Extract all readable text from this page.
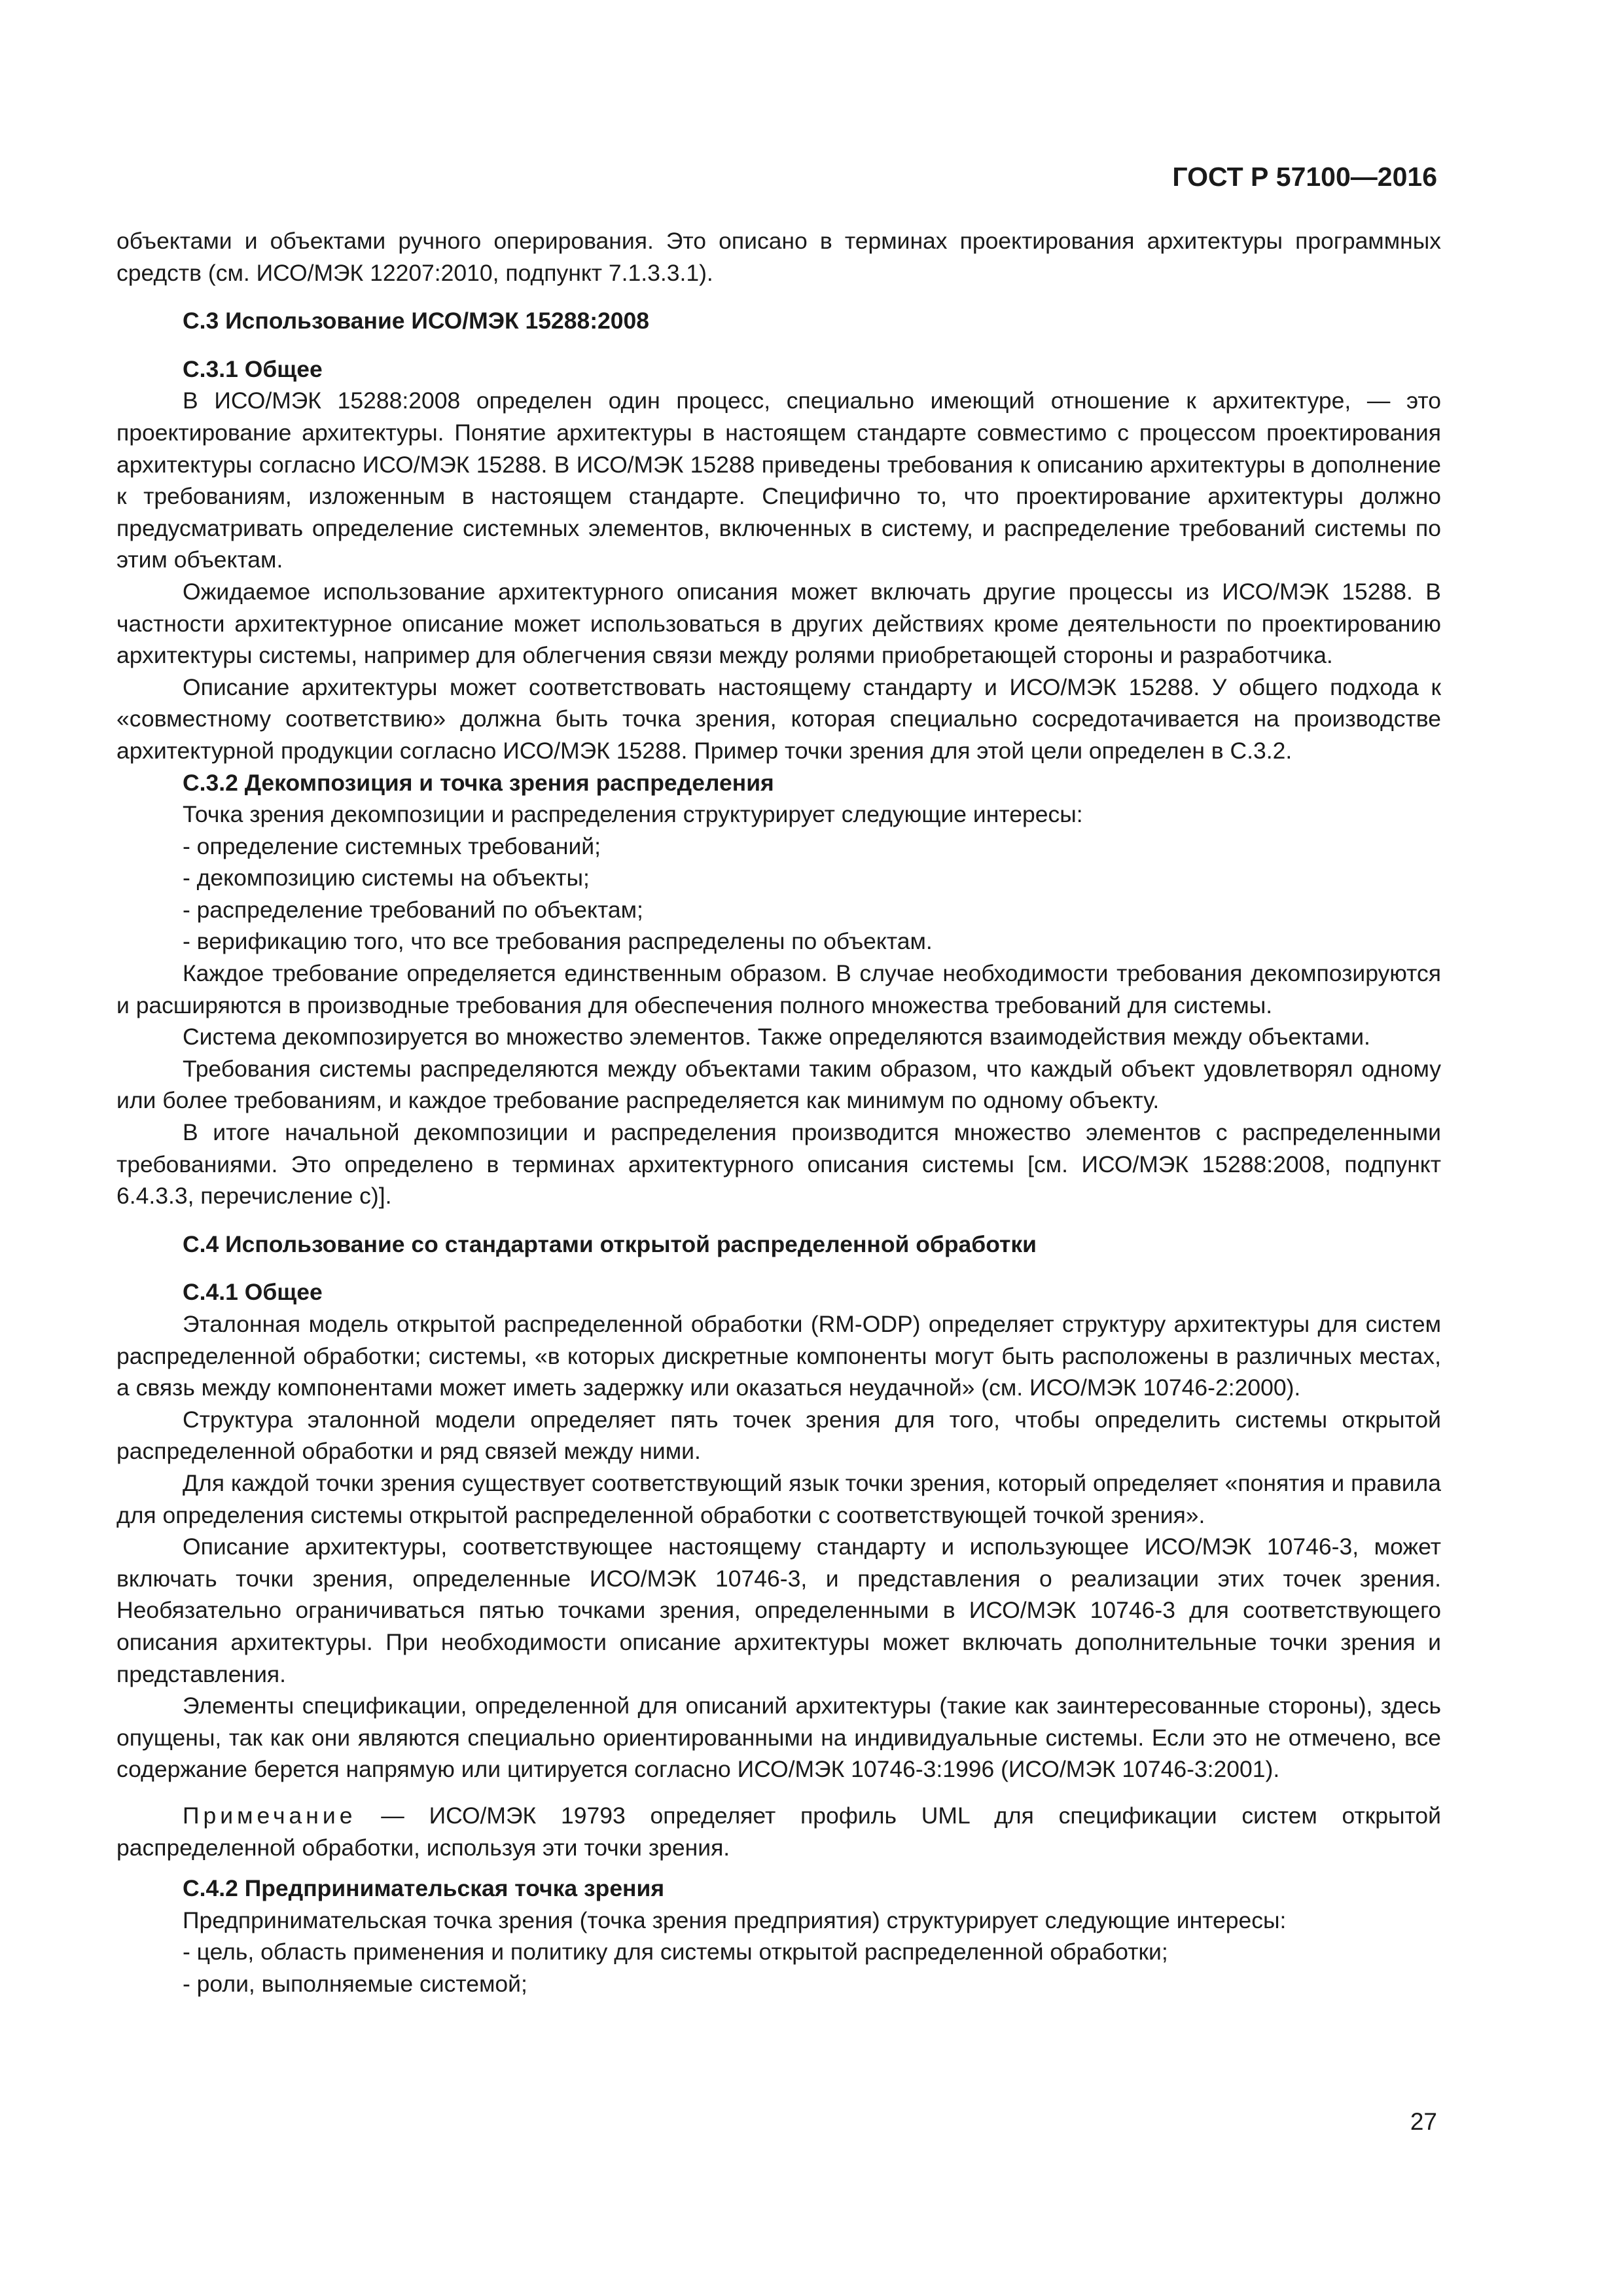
ГОСТ Р 57100—2016

объектами и объектами ручного оперирования. Это описано в терминах проектирования архитектуры программных средств (см. ИСО/МЭК 12207:2010, подпункт 7.1.3.3.1).

С.3 Использование ИСО/МЭК 15288:2008

С.3.1 Общее

В ИСО/МЭК 15288:2008 определен один процесс, специально имеющий отношение к архитектуре, — это проектирование архитектуры. Понятие архитектуры в настоящем стандарте совместимо с процессом проектирования архитектуры согласно ИСО/МЭК 15288. В ИСО/МЭК 15288 приведены требования к описанию архитектуры в дополнение к требованиям, изложенным в настоящем стандарте. Специфично то, что проектирование архитектуры должно предусматривать определение системных элементов, включенных в систему, и распределение требований системы по этим объектам.

Ожидаемое использование архитектурного описания может включать другие процессы из ИСО/МЭК 15288. В частности архитектурное описание может использоваться в других действиях кроме деятельности по проектированию архитектуры системы, например для облегчения связи между ролями приобретающей стороны и разработчика.

Описание архитектуры может соответствовать настоящему стандарту и ИСО/МЭК 15288. У общего подхода к «совместному соответствию» должна быть точка зрения, которая специально сосредотачивается на производстве архитектурной продукции согласно ИСО/МЭК 15288. Пример точки зрения для этой цели определен в С.3.2.

С.3.2 Декомпозиция и точка зрения распределения

Точка зрения декомпозиции и распределения структурирует следующие интересы:

- определение системных требований;

- декомпозицию системы на объекты;

- распределение требований по объектам;

- верификацию того, что все требования распределены по объектам.

Каждое требование определяется единственным образом. В случае необходимости требования декомпозируются и расширяются в производные требования для обеспечения полного множества требований для системы.

Система декомпозируется во множество элементов. Также определяются взаимодействия между объектами.

Требования системы распределяются между объектами таким образом, что каждый объект удовлетворял одному или более требованиям, и каждое требование распределяется как минимум по одному объекту.

В итоге начальной декомпозиции и распределения производится множество элементов с распределенными требованиями. Это определено в терминах архитектурного описания системы [см. ИСО/МЭК 15288:2008, подпункт 6.4.3.3, перечисление с)].

С.4 Использование со стандартами открытой распределенной обработки

С.4.1 Общее

Эталонная модель открытой распределенной обработки (RM-ODP) определяет структуру архитектуры для систем распределенной обработки; системы, «в которых дискретные компоненты могут быть расположены в различных местах, а связь между компонентами может иметь задержку или оказаться неудачной» (см. ИСО/МЭК 10746-2:2000).

Структура эталонной модели определяет пять точек зрения для того, чтобы определить системы открытой распределенной обработки и ряд связей между ними.

Для каждой точки зрения существует соответствующий язык точки зрения, который определяет «понятия и правила для определения системы открытой распределенной обработки с соответствующей точкой зрения».

Описание архитектуры, соответствующее настоящему стандарту и использующее ИСО/МЭК 10746-3, может включать точки зрения, определенные ИСО/МЭК 10746-3, и представления о реализации этих точек зрения. Необязательно ограничиваться пятью точками зрения, определенными в ИСО/МЭК 10746-3 для соответствующего описания архитектуры. При необходимости описание архитектуры может включать дополнительные точки зрения и представления.

Элементы спецификации, определенной для описаний архитектуры (такие как заинтересованные стороны), здесь опущены, так как они являются специально ориентированными на индивидуальные системы. Если это не отмечено, все содержание берется напрямую или цитируется согласно ИСО/МЭК 10746-3:1996 (ИСО/МЭК 10746-3:2001).

Примечание — ИСО/МЭК 19793 определяет профиль UML для спецификации систем открытой распределенной обработки, используя эти точки зрения.

С.4.2 Предпринимательская точка зрения

Предпринимательская точка зрения (точка зрения предприятия) структурирует следующие интересы:

- цель, область применения и политику для системы открытой распределенной обработки;

- роли, выполняемые системой;

27
